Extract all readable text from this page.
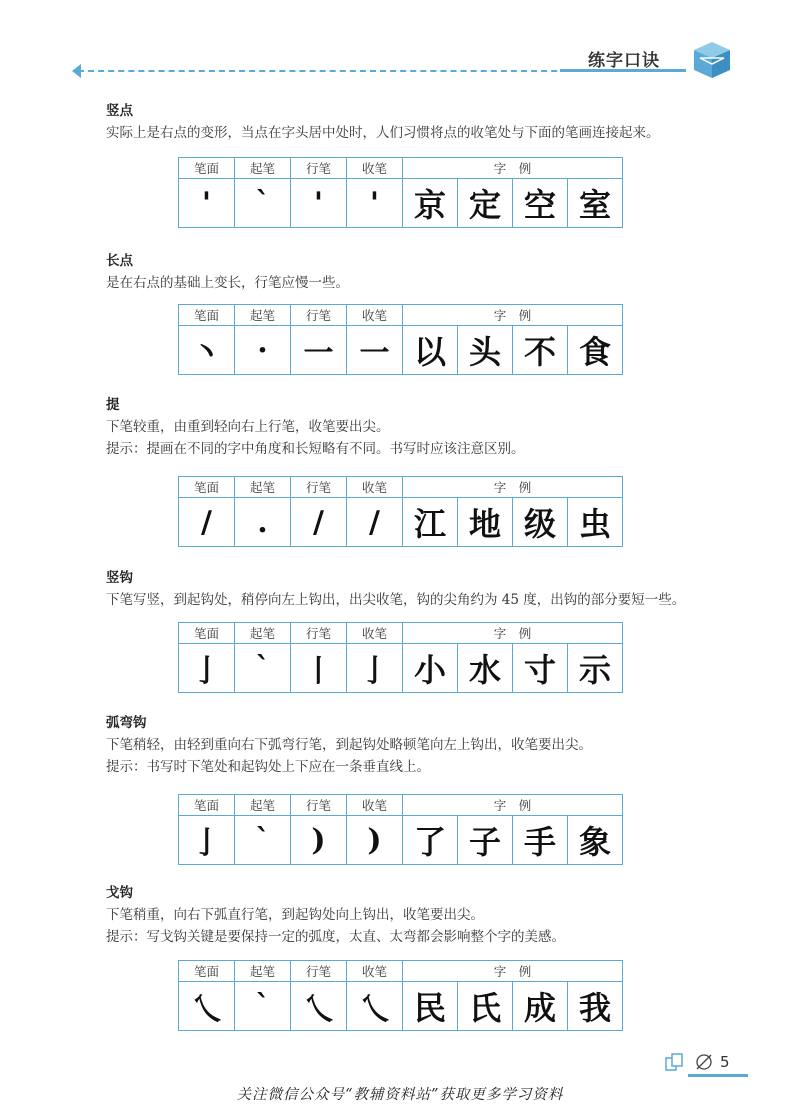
练字口诀
竖点
实际上是右点的变形，当点在字头居中处时，人们习惯将点的收笔处与下面的笔画连接起来。
笔面	起笔	行笔	收笔	字　例			
'	`	'	'	京	定	空	室
长点
是在右点的基础上变长，行笔应慢一些。
笔面	起笔	行笔	收笔	字　例			
丶	·	一	一	以	头	不	食
提
下笔较重，由重到轻向右上行笔，收笔要出尖。
提示：提画在不同的字中角度和长短略有不同。书写时应该注意区别。
笔面	起笔	行笔	收笔	字　例			
/	.	/	/	江	地	级	虫
竖钩
下笔写竖，到起钩处，稍停向左上钩出，出尖收笔，钩的尖角约为 45 度，出钩的部分要短一些。
笔面	起笔	行笔	收笔	字　例			
亅	`	丨	亅	小	水	寸	示
弧弯钩
下笔稍轻，由轻到重向右下弧弯行笔，到起钩处略顿笔向左上钩出，收笔要出尖。
提示：书写时下笔处和起钩处上下应在一条垂直线上。
笔面	起笔	行笔	收笔	字　例			
亅	`	)	)	了	子	手	象
戈钩
下笔稍重，向右下弧直行笔，到起钩处向上钩出，收笔要出尖。
提示：写戈钩关键是要保持一定的弧度，太直、太弯都会影响整个字的美感。
笔面	起笔	行笔	收笔	字　例			
乀	`	乀	乀	民	氏	成	我
5
关注微信公众号“教辅资料站”获取更多学习资料
